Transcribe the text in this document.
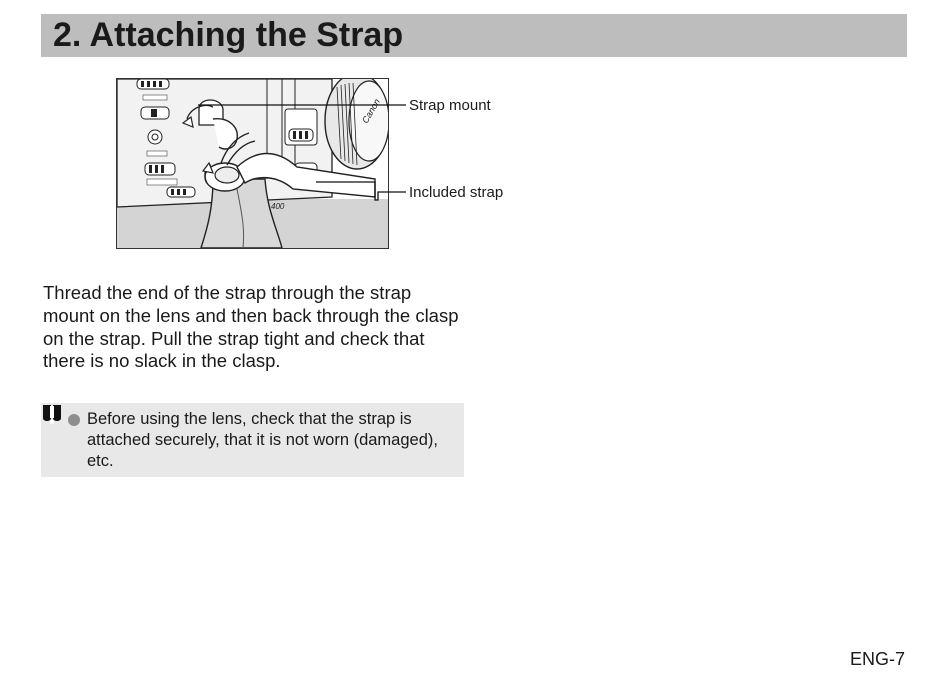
2. Attaching the Strap
Canon
400
Strap mount
Included strap

Thread the end of the strap through the strap mount on the lens and then back through the clasp on the strap. Pull the strap tight and check that there is no slack in the clasp.

Before using the lens, check that the strap is attached securely, that it is not worn (damaged), etc.

ENG-7
